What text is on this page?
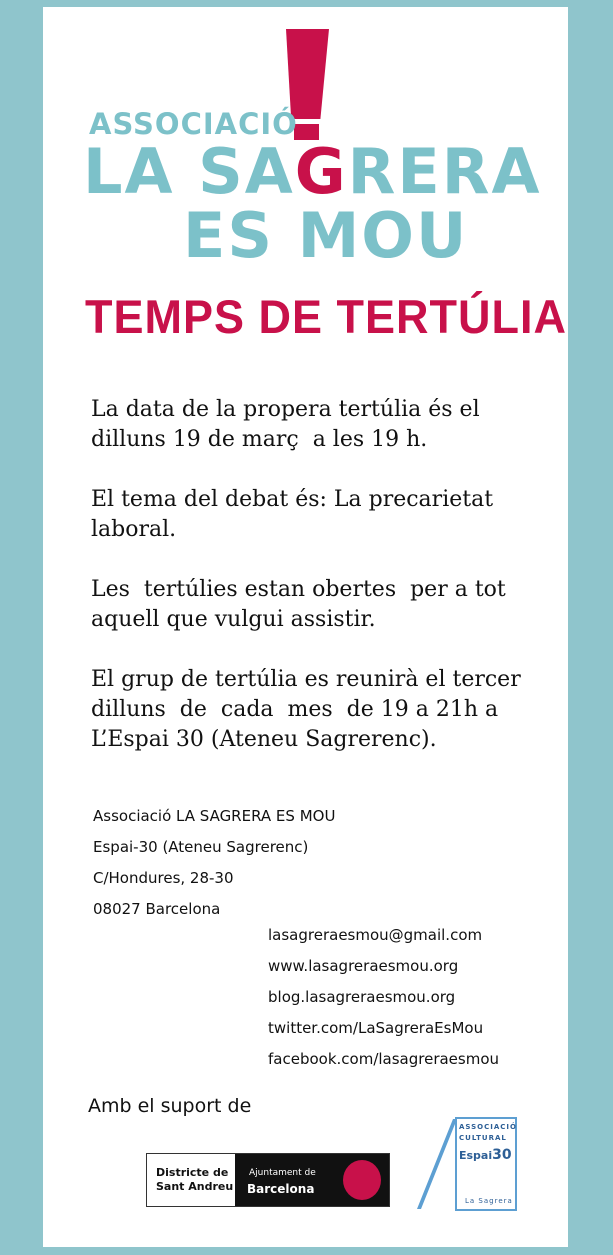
ASSOCIACIÓ
LA SAGRERA
ES MOU
TEMPS DE TERTÚLIA

La data de la propera tertúlia és el
dilluns 19 de març  a les 19 h.

El tema del debat és: La precarietat
laboral.

Les  tertúlies estan obertes  per a tot
aquell que vulgui assistir.

El grup de tertúlia es reunirà el tercer
dilluns  de  cada  mes  de 19 a 21h a
L’Espai 30 (Ateneu Sagrerenc).

Associació LA SAGRERA ES MOU
Espai-30 (Ateneu Sagrerenc)
C/Hondures, 28-30
08027 Barcelona
lasagreraesmou@gmail.com
www.lasagreraesmou.org
blog.lasagreraesmou.org
twitter.com/LaSagreraEsMou
facebook.com/lasagreraesmou
Amb el suport de
Districte de
Sant Andreu
Ajuntament de
Barcelona
ASSOCIACIÓ
CULTURAL
Espai30
La Sagrera
